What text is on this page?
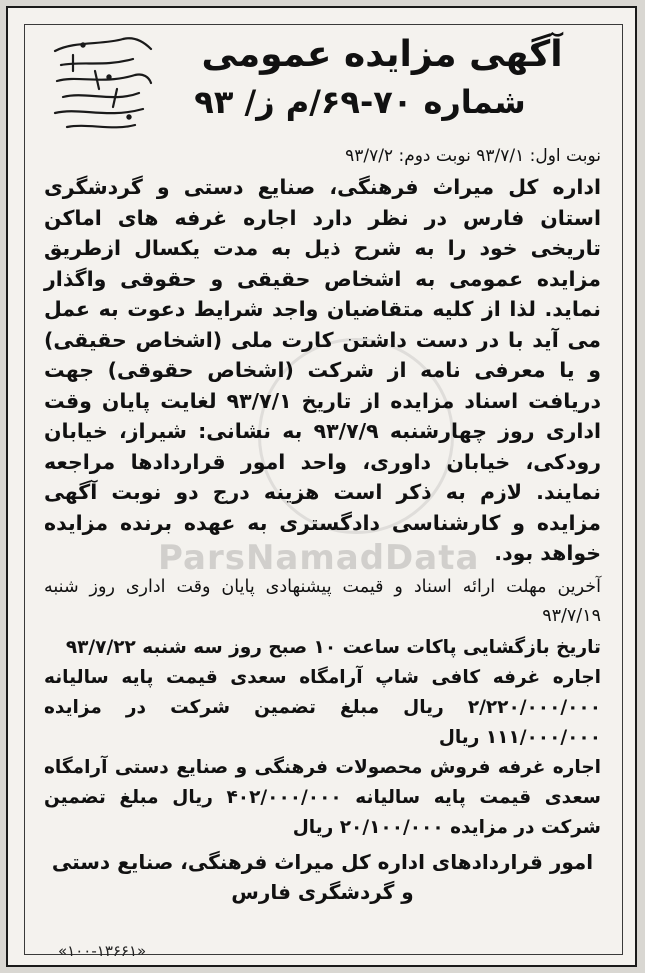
ParsNamadData
آگهی مزایده عمومی
شماره ۷۰-۶۹/م ز/ ۹۳
نوبت اول: ۹۳/۷/۱ نوبت دوم: ۹۳/۷/۲
اداره کل میراث فرهنگی، صنایع دستی و گردشگری استان فارس در نظر دارد اجاره غرفه های اماکن تاریخی خود را به شرح ذیل به مدت یکسال ازطریق مزایده عمومی به اشخاص حقیقی و حقوقی واگذار نماید. لذا از کلیه متقاضیان واجد شرایط دعوت به عمل می آید با در دست داشتن کارت ملی (اشخاص حقیقی) و یا معرفی نامه از شرکت (اشخاص حقوقی) جهت دریافت اسناد مزایده از تاریخ ۹۳/۷/۱ لغایت پایان وقت اداری روز چهارشنبه ۹۳/۷/۹ به نشانی: شیراز، خیابان رودکی، خیابان داوری، واحد امور قراردادها مراجعه نمایند. لازم به ذکر است هزینه درج دو نوبت آگهی مزایده و کارشناسی دادگستری به عهده برنده مزایده خواهد بود.
آخرین مهلت ارائه اسناد و قیمت پیشنهادی پایان وقت اداری روز شنبه ۹۳/۷/۱۹
تاریخ بازگشایی پاکات ساعت ۱۰ صبح روز سه شنبه ۹۳/۷/۲۲
اجاره غرفه کافی شاپ آرامگاه سعدی قیمت پایه سالیانه ۲/۲۲۰/۰۰۰/۰۰۰ ریال مبلغ تضمین شرکت در مزایده ۱۱۱/۰۰۰/۰۰۰ ریال
اجاره غرفه فروش محصولات فرهنگی و صنایع دستی آرامگاه سعدی قیمت پایه سالیانه ۴۰۲/۰۰۰/۰۰۰ ریال مبلغ تضمین شرکت در مزایده ۲۰/۱۰۰/۰۰۰ ریال
امور قراردادهای اداره کل میراث فرهنگی، صنایع دستی
و گردشگری فارس
«۱۰۰-۱۳۶۶۱»
